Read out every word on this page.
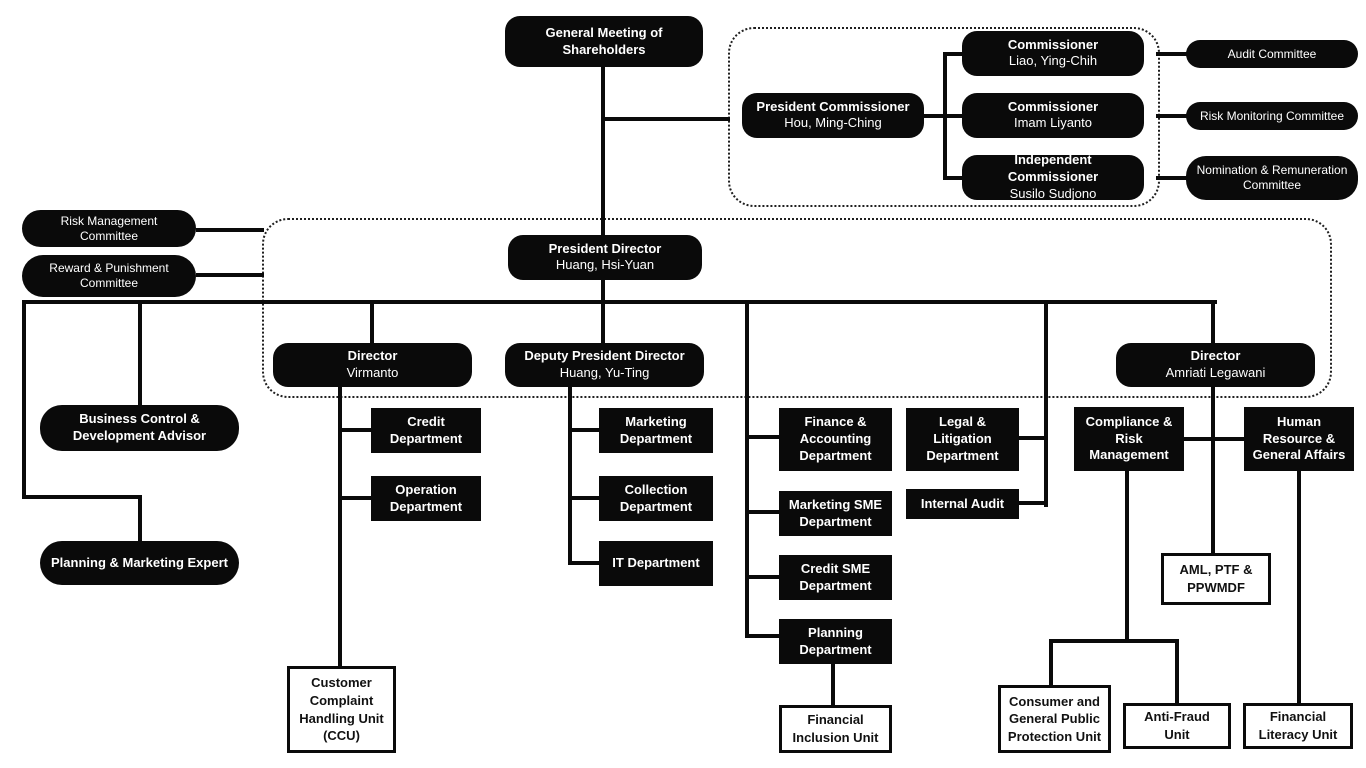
General Meeting of Shareholders
President Commissioner
Hou, Ming-Ching
Commissioner
Liao, Ying-Chih
Commissioner
Imam Liyanto
Independent Commissioner
Susilo Sudjono
Audit Committee
Risk Monitoring Committee
Nomination & Remuneration Committee
Risk Management Committee
Reward & Punishment Committee
President Director
Huang, Hsi-Yuan
Director
Virmanto
Deputy President Director
Huang, Yu-Ting
Director
Amriati Legawani
Business Control & Development Advisor
Planning & Marketing Expert
Credit Department
Operation Department
Customer Complaint Handling Unit (CCU)
Marketing Department
Collection Department
IT Department
Finance & Accounting Department
Marketing SME Department
Credit SME Department
Planning Department
Financial Inclusion Unit
Legal & Litigation Department
Internal Audit
Compliance & Risk Management
Human Resource & General Affairs
AML, PTF & PPWMDF
Consumer and General Public Protection Unit
Anti-Fraud Unit
Financial Literacy Unit
